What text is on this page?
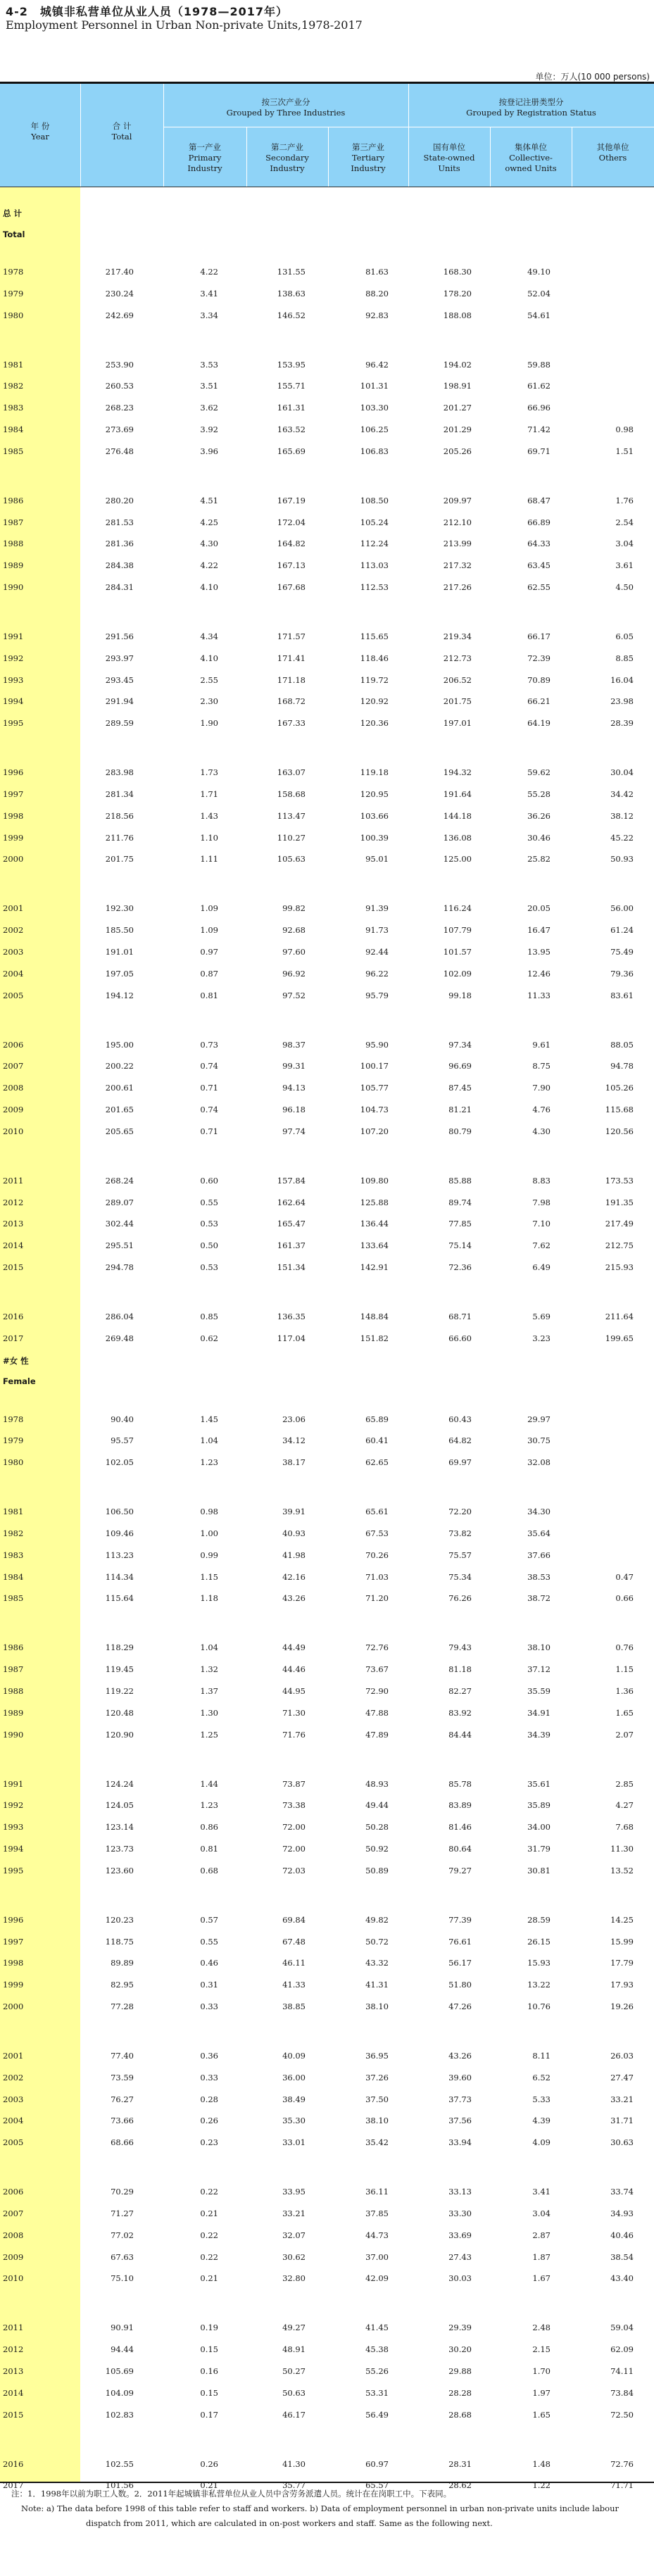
4-2　城镇非私营单位从业人员（1978—2017年）
Employment Personnel in Urban Non-private Units,1978-2017
单位：万人(10 000 persons)
年 份
Year
合 计
Total
按三次产业分
Grouped by Three Industries
按登记注册类型分
Grouped by Registration Status
第一产业
Primary
Industry
第二产业
Secondary
Industry
第三产业
Tertiary
Industry
国有单位
State-owned
Units
集体单位
Collective-
owned Units
其他单位
Others
总 计
Total
1978	217.40	4.22	131.55	81.63	168.30	49.10
1979	230.24	3.41	138.63	88.20	178.20	52.04
1980	242.69	3.34	146.52	92.83	188.08	54.61
1981	253.90	3.53	153.95	96.42	194.02	59.88
1982	260.53	3.51	155.71	101.31	198.91	61.62
1983	268.23	3.62	161.31	103.30	201.27	66.96
1984	273.69	3.92	163.52	106.25	201.29	71.42	0.98
1985	276.48	3.96	165.69	106.83	205.26	69.71	1.51
1986	280.20	4.51	167.19	108.50	209.97	68.47	1.76
1987	281.53	4.25	172.04	105.24	212.10	66.89	2.54
1988	281.36	4.30	164.82	112.24	213.99	64.33	3.04
1989	284.38	4.22	167.13	113.03	217.32	63.45	3.61
1990	284.31	4.10	167.68	112.53	217.26	62.55	4.50
1991	291.56	4.34	171.57	115.65	219.34	66.17	6.05
1992	293.97	4.10	171.41	118.46	212.73	72.39	8.85
1993	293.45	2.55	171.18	119.72	206.52	70.89	16.04
1994	291.94	2.30	168.72	120.92	201.75	66.21	23.98
1995	289.59	1.90	167.33	120.36	197.01	64.19	28.39
1996	283.98	1.73	163.07	119.18	194.32	59.62	30.04
1997	281.34	1.71	158.68	120.95	191.64	55.28	34.42
1998	218.56	1.43	113.47	103.66	144.18	36.26	38.12
1999	211.76	1.10	110.27	100.39	136.08	30.46	45.22
2000	201.75	1.11	105.63	95.01	125.00	25.82	50.93
2001	192.30	1.09	99.82	91.39	116.24	20.05	56.00
2002	185.50	1.09	92.68	91.73	107.79	16.47	61.24
2003	191.01	0.97	97.60	92.44	101.57	13.95	75.49
2004	197.05	0.87	96.92	96.22	102.09	12.46	79.36
2005	194.12	0.81	97.52	95.79	99.18	11.33	83.61
2006	195.00	0.73	98.37	95.90	97.34	9.61	88.05
2007	200.22	0.74	99.31	100.17	96.69	8.75	94.78
2008	200.61	0.71	94.13	105.77	87.45	7.90	105.26
2009	201.65	0.74	96.18	104.73	81.21	4.76	115.68
2010	205.65	0.71	97.74	107.20	80.79	4.30	120.56
2011	268.24	0.60	157.84	109.80	85.88	8.83	173.53
2012	289.07	0.55	162.64	125.88	89.74	7.98	191.35
2013	302.44	0.53	165.47	136.44	77.85	7.10	217.49
2014	295.51	0.50	161.37	133.64	75.14	7.62	212.75
2015	294.78	0.53	151.34	142.91	72.36	6.49	215.93
2016	286.04	0.85	136.35	148.84	68.71	5.69	211.64
2017	269.48	0.62	117.04	151.82	66.60	3.23	199.65
#女 性
Female
1978	90.40	1.45	23.06	65.89	60.43	29.97
1979	95.57	1.04	34.12	60.41	64.82	30.75
1980	102.05	1.23	38.17	62.65	69.97	32.08
1981	106.50	0.98	39.91	65.61	72.20	34.30
1982	109.46	1.00	40.93	67.53	73.82	35.64
1983	113.23	0.99	41.98	70.26	75.57	37.66
1984	114.34	1.15	42.16	71.03	75.34	38.53	0.47
1985	115.64	1.18	43.26	71.20	76.26	38.72	0.66
1986	118.29	1.04	44.49	72.76	79.43	38.10	0.76
1987	119.45	1.32	44.46	73.67	81.18	37.12	1.15
1988	119.22	1.37	44.95	72.90	82.27	35.59	1.36
1989	120.48	1.30	71.30	47.88	83.92	34.91	1.65
1990	120.90	1.25	71.76	47.89	84.44	34.39	2.07
1991	124.24	1.44	73.87	48.93	85.78	35.61	2.85
1992	124.05	1.23	73.38	49.44	83.89	35.89	4.27
1993	123.14	0.86	72.00	50.28	81.46	34.00	7.68
1994	123.73	0.81	72.00	50.92	80.64	31.79	11.30
1995	123.60	0.68	72.03	50.89	79.27	30.81	13.52
1996	120.23	0.57	69.84	49.82	77.39	28.59	14.25
1997	118.75	0.55	67.48	50.72	76.61	26.15	15.99
1998	89.89	0.46	46.11	43.32	56.17	15.93	17.79
1999	82.95	0.31	41.33	41.31	51.80	13.22	17.93
2000	77.28	0.33	38.85	38.10	47.26	10.76	19.26
2001	77.40	0.36	40.09	36.95	43.26	8.11	26.03
2002	73.59	0.33	36.00	37.26	39.60	6.52	27.47
2003	76.27	0.28	38.49	37.50	37.73	5.33	33.21
2004	73.66	0.26	35.30	38.10	37.56	4.39	31.71
2005	68.66	0.23	33.01	35.42	33.94	4.09	30.63
2006	70.29	0.22	33.95	36.11	33.13	3.41	33.74
2007	71.27	0.21	33.21	37.85	33.30	3.04	34.93
2008	77.02	0.22	32.07	44.73	33.69	2.87	40.46
2009	67.63	0.22	30.62	37.00	27.43	1.87	38.54
2010	75.10	0.21	32.80	42.09	30.03	1.67	43.40
2011	90.91	0.19	49.27	41.45	29.39	2.48	59.04
2012	94.44	0.15	48.91	45.38	30.20	2.15	62.09
2013	105.69	0.16	50.27	55.26	29.88	1.70	74.11
2014	104.09	0.15	50.63	53.31	28.28	1.97	73.84
2015	102.83	0.17	46.17	56.49	28.68	1.65	72.50
2016	102.55	0.26	41.30	60.97	28.31	1.48	72.76
2017	101.56	0.21	35.77	65.57	28.62	1.22	71.71
注：1．1998年以前为职工人数。2．2011年起城镇非私营单位从业人员中含劳务派遣人员。统计在在岗职工中。下表同。
Note: a) The data before 1998 of this table refer to staff and workers. b) Data of employment personnel in urban non-private units include labour
dispatch from 2011, which are calculated in on-post workers and staff. Same as the following next.
